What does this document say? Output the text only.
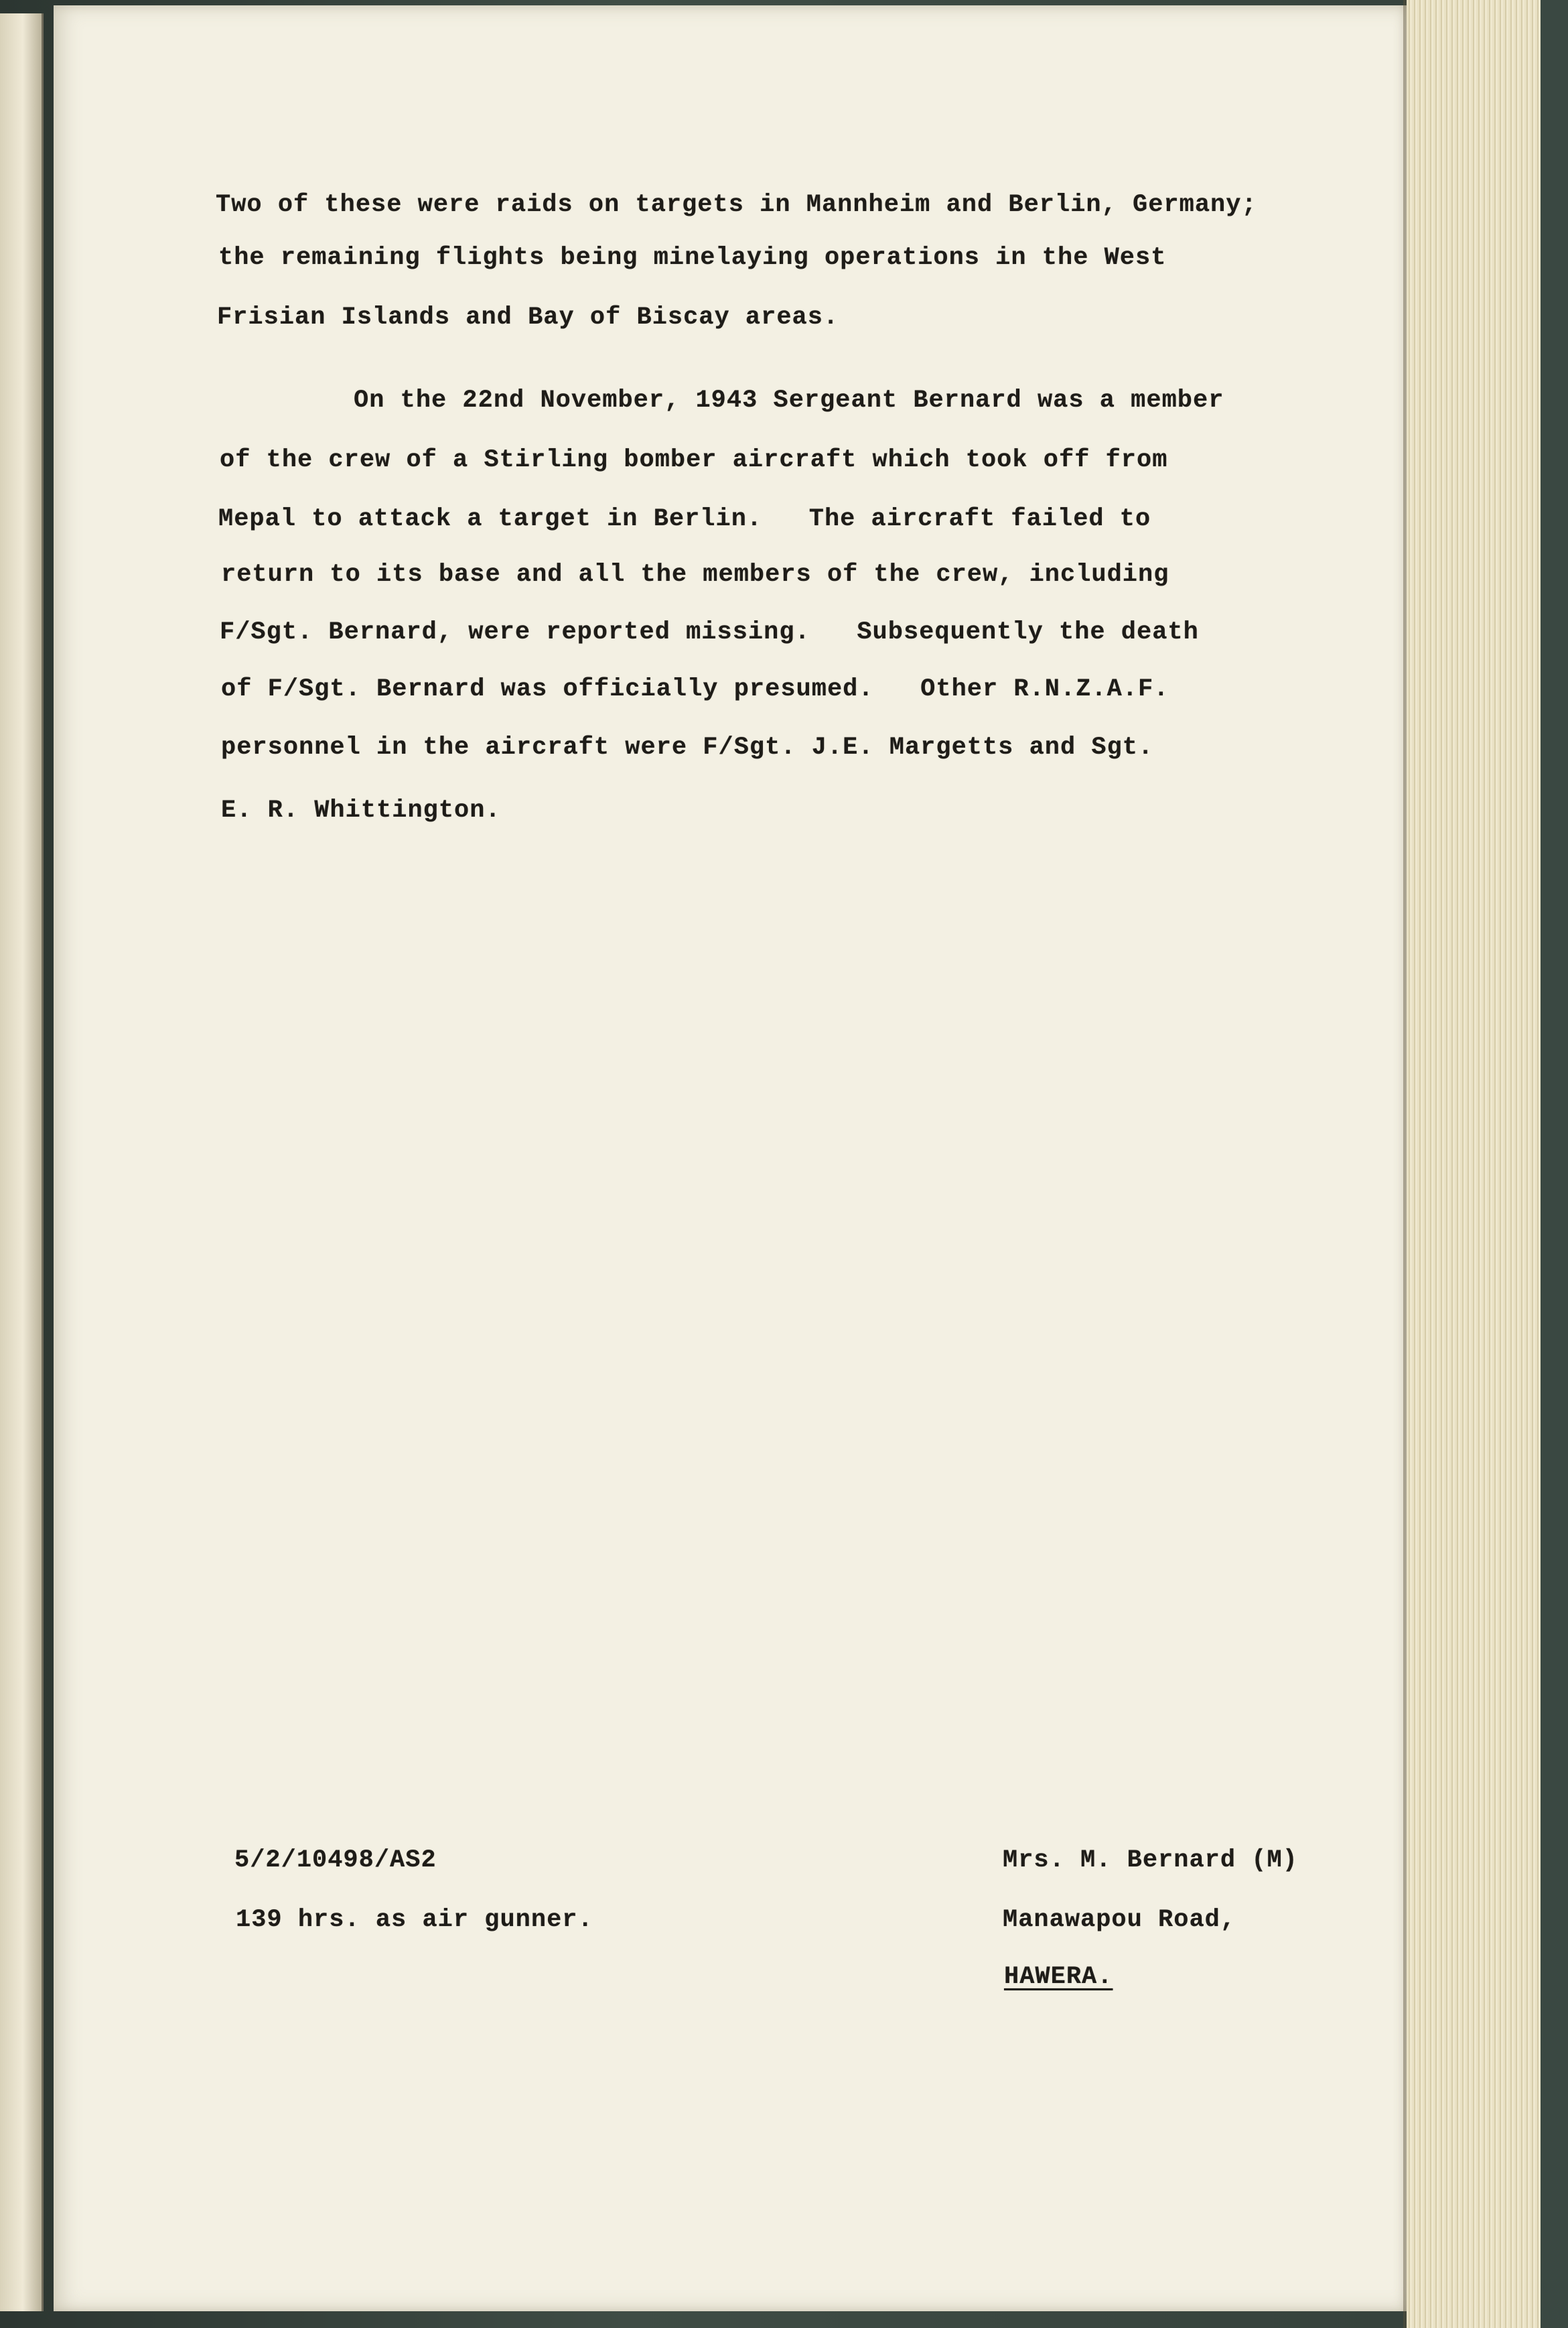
Two of these were raids on targets in Mannheim and Berlin, Germany;
the remaining flights being minelaying operations in the West
Frisian Islands and Bay of Biscay areas.
On the 22nd November, 1943 Sergeant Bernard was a member
of the crew of a Stirling bomber aircraft which took off from
Mepal to attack a target in Berlin.   The aircraft failed to
return to its base and all the members of the crew, including
F/Sgt. Bernard, were reported missing.   Subsequently the death
of F/Sgt. Bernard was officially presumed.   Other R.N.Z.A.F.
personnel in the aircraft were F/Sgt. J.E. Margetts and Sgt.
E. R. Whittington.
5/2/10498/AS2
139 hrs. as air gunner.
Mrs. M. Bernard (M)
Manawapou Road,
HAWERA.
